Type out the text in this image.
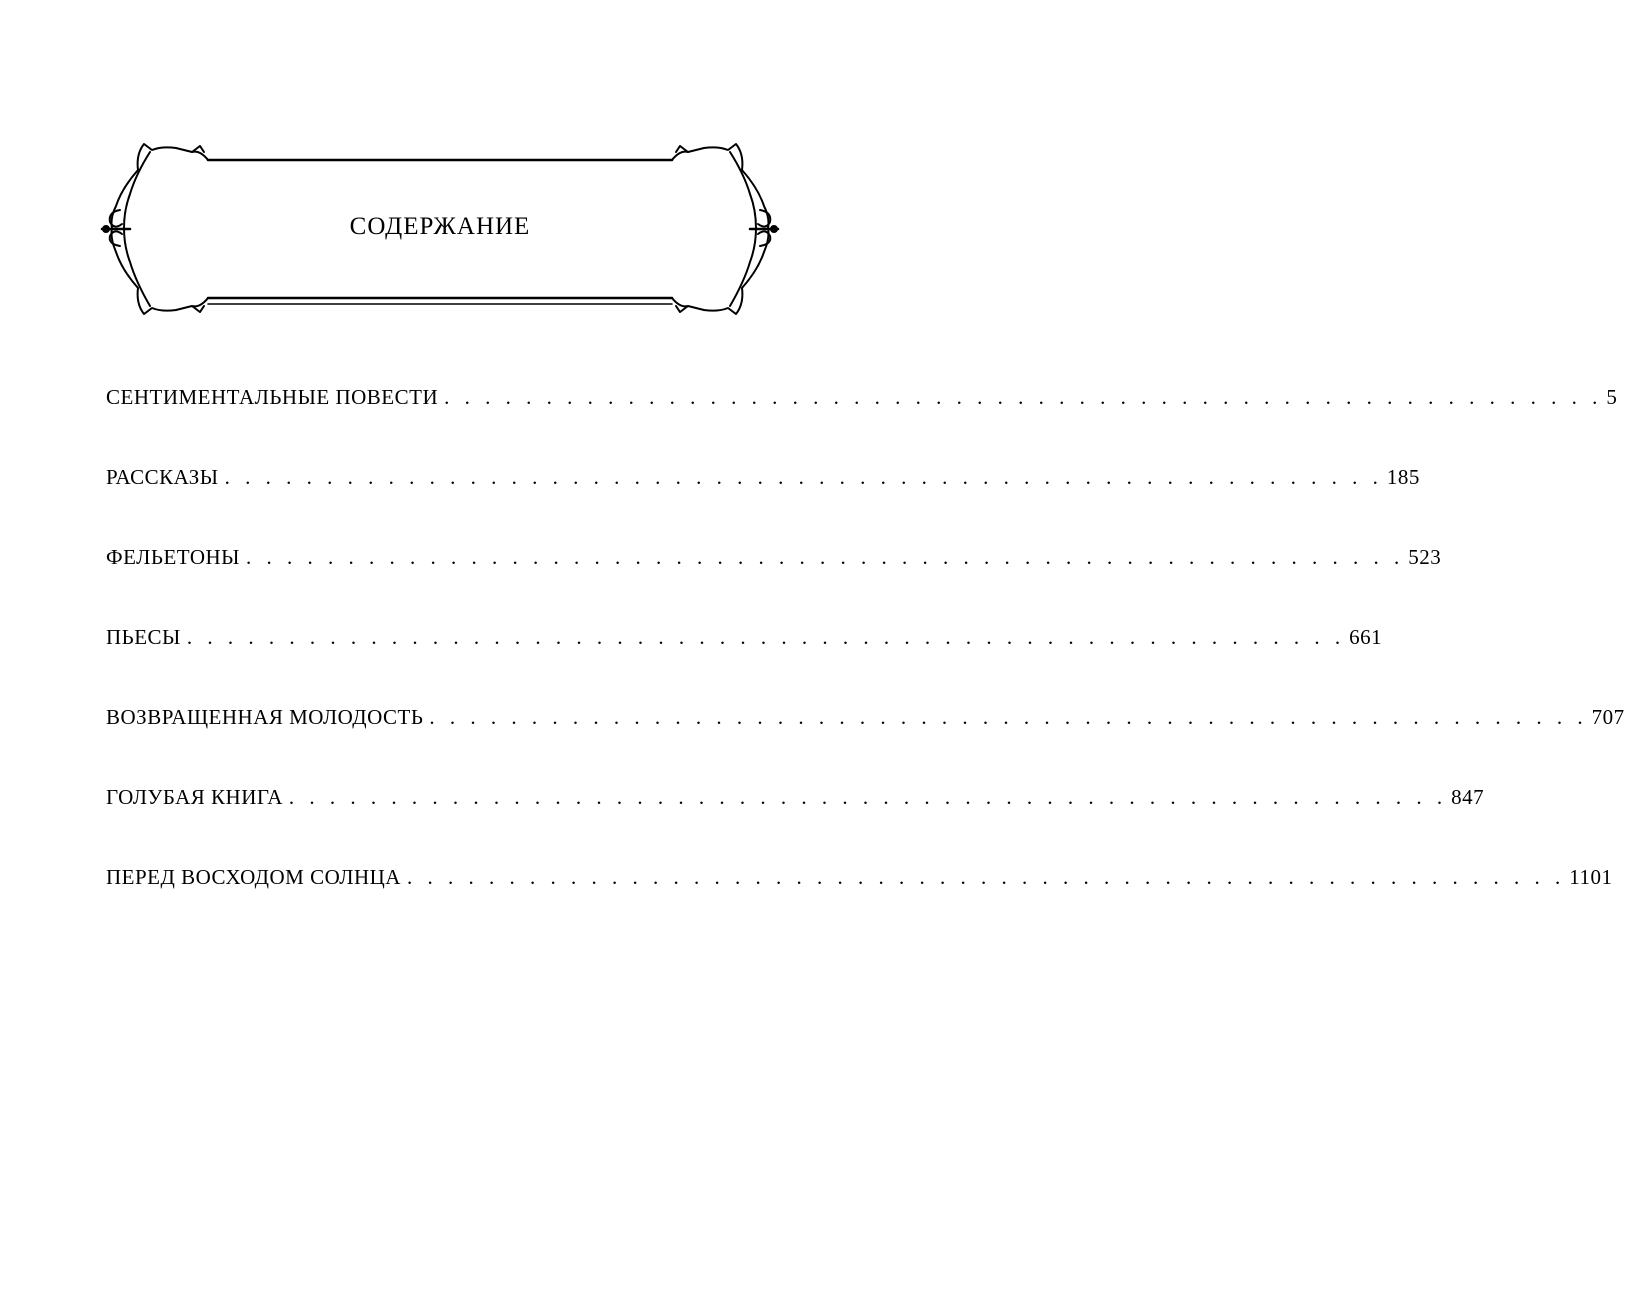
СОДЕРЖАНИЕ
СЕНТИМЕНТАЛЬНЫЕ ПОВЕСТИ . . . . . . . . . . . . . . . . . . . . . . . . . . . . . . . . . . . . . . . . . . . . . . . . . . . . . . . . . 5
РАССКАЗЫ . . . . . . . . . . . . . . . . . . . . . . . . . . . . . . . . . . . . . . . . . . . . . . . . . . . . . . . . . 185
ФЕЛЬЕТОНЫ . . . . . . . . . . . . . . . . . . . . . . . . . . . . . . . . . . . . . . . . . . . . . . . . . . . . . . . . . 523
ПЬЕСЫ . . . . . . . . . . . . . . . . . . . . . . . . . . . . . . . . . . . . . . . . . . . . . . . . . . . . . . . . . 661
ВОЗВРАЩЕННАЯ МОЛОДОСТЬ . . . . . . . . . . . . . . . . . . . . . . . . . . . . . . . . . . . . . . . . . . . . . . . . . . . . . . . . . 707
ГОЛУБАЯ КНИГА . . . . . . . . . . . . . . . . . . . . . . . . . . . . . . . . . . . . . . . . . . . . . . . . . . . . . . . . . 847
ПЕРЕД ВОСХОДОМ СОЛНЦА . . . . . . . . . . . . . . . . . . . . . . . . . . . . . . . . . . . . . . . . . . . . . . . . . . . . . . . . . 1101
